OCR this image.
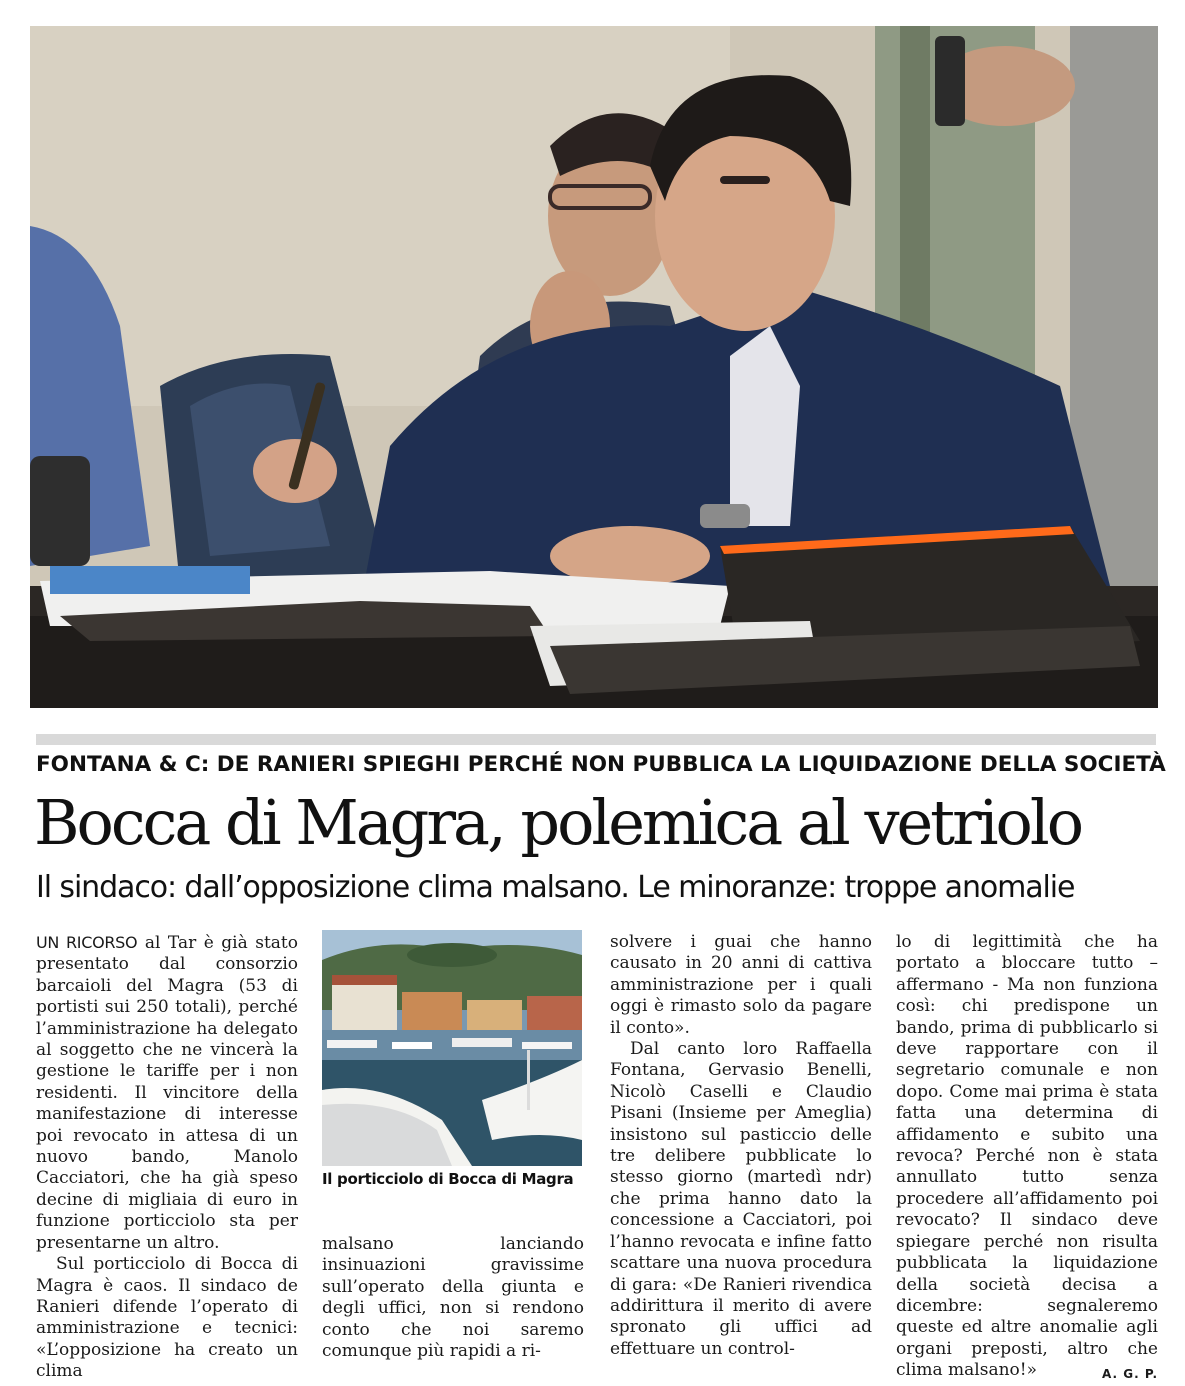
FONTANA & C: DE RANIERI SPIEGHI PERCHÉ NON PUBBLICA LA LIQUIDAZIONE DELLA SOCIETÀ
Bocca di Magra, polemica al vetriolo
Il sindaco: dall’opposizione clima malsano. Le minoranze: troppe anomalie

UN RICORSO al Tar è già stato presentato dal consorzio barcaioli del Magra (53 di portisti sui 250 totali), perché l’amministrazione ha delegato al soggetto che ne vincerà la gestione le tariffe per i non residenti. Il vincitore della manifestazione di interesse poi revocato in attesa di un nuovo bando, Manolo Cacciatori, che ha già speso decine di migliaia di euro in funzione porticciolo sta per presentarne un altro.

Sul porticciolo di Bocca di Magra è caos. Il sindaco de Ranieri difende l’operato di amministrazione e tecnici: «L’opposizione ha creato un clima

Il porticciolo di Bocca di Magra

malsano lanciando insinuazioni gravissime sull’operato della giunta e degli uffici, non si rendono conto che noi saremo comunque più rapidi a ri-

solvere i guai che hanno causato in 20 anni di cattiva amministrazione per i quali oggi è rimasto solo da pagare il conto».

Dal canto loro Raffaella Fontana, Gervasio Benelli, Nicolò Caselli e Claudio Pisani (Insieme per Ameglia) insistono sul pasticcio delle tre delibere pubblicate lo stesso giorno (martedì ndr) che prima hanno dato la concessione a Cacciatori, poi l’hanno revocata e infine fatto scattare una nuova procedura di gara: «De Ranieri rivendica addirittura il merito di avere spronato gli uffici ad effettuare un control-

lo di legittimità che ha portato a bloccare tutto – affermano - Ma non funziona così: chi predispone un bando, prima di pubblicarlo si deve rapportare con il segretario comunale e non dopo. Come mai prima è stata fatta una determina di affidamento e subito una revoca? Perché non è stata annullato tutto senza procedere all’affidamento poi revocato? Il sindaco deve spiegare perché non risulta pubblicata la liquidazione della società decisa a dicembre: segnaleremo queste ed altre anomalie agli organi preposti, altro che clima malsano!»	A. G. P.
